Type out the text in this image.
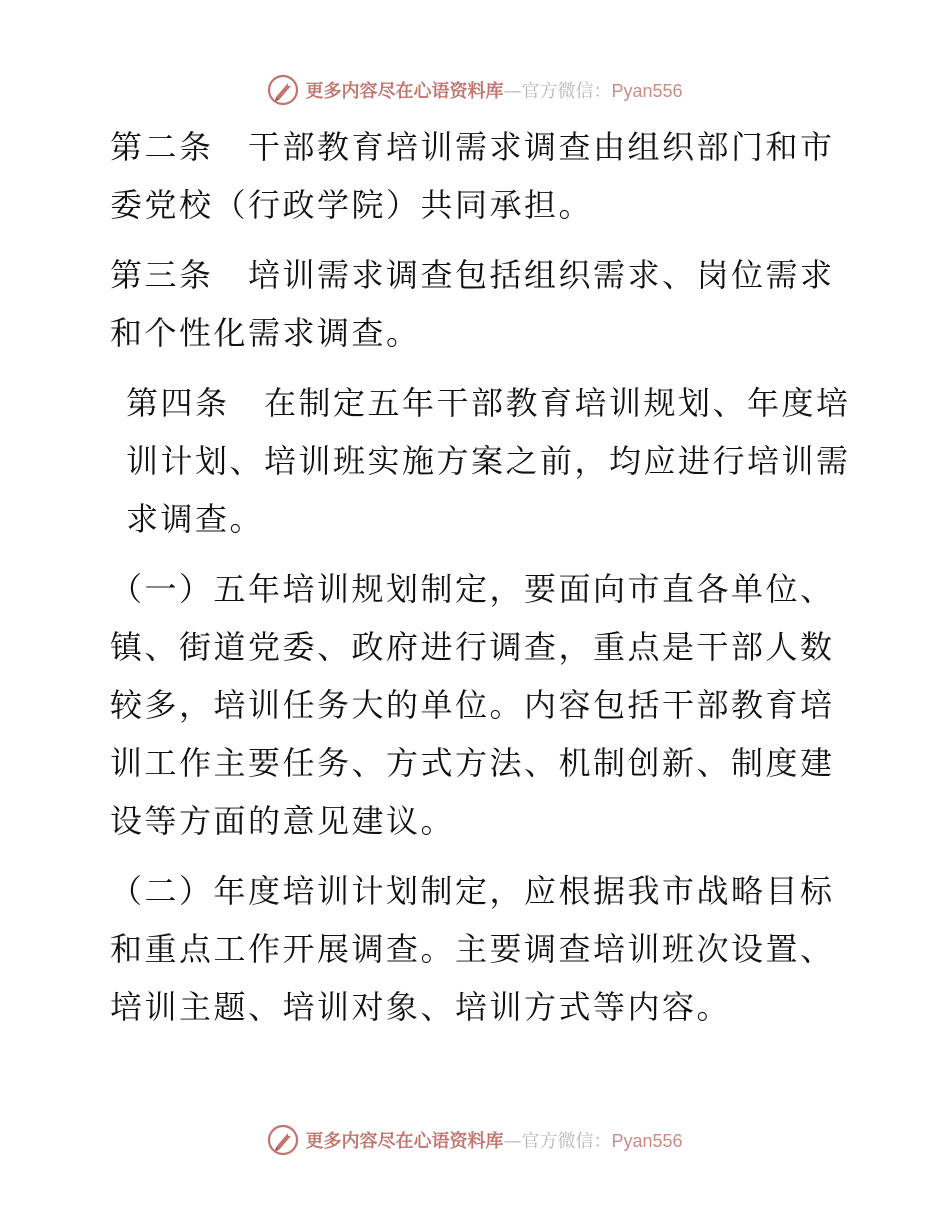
更多内容尽在心语资料库—官方微信：Pyan556

第二条　干部教育培训需求调查由组织部门和市委党校（行政学院）共同承担。

第三条　培训需求调查包括组织需求、岗位需求和个性化需求调查。

第四条　在制定五年干部教育培训规划、年度培训计划、培训班实施方案之前，均应进行培训需求调查。

（一）五年培训规划制定，要面向市直各单位、镇、街道党委、政府进行调查，重点是干部人数较多，培训任务大的单位。内容包括干部教育培训工作主要任务、方式方法、机制创新、制度建设等方面的意见建议。

（二）年度培训计划制定，应根据我市战略目标和重点工作开展调查。主要调查培训班次设置、培训主题、培训对象、培训方式等内容。

更多内容尽在心语资料库—官方微信：Pyan556
